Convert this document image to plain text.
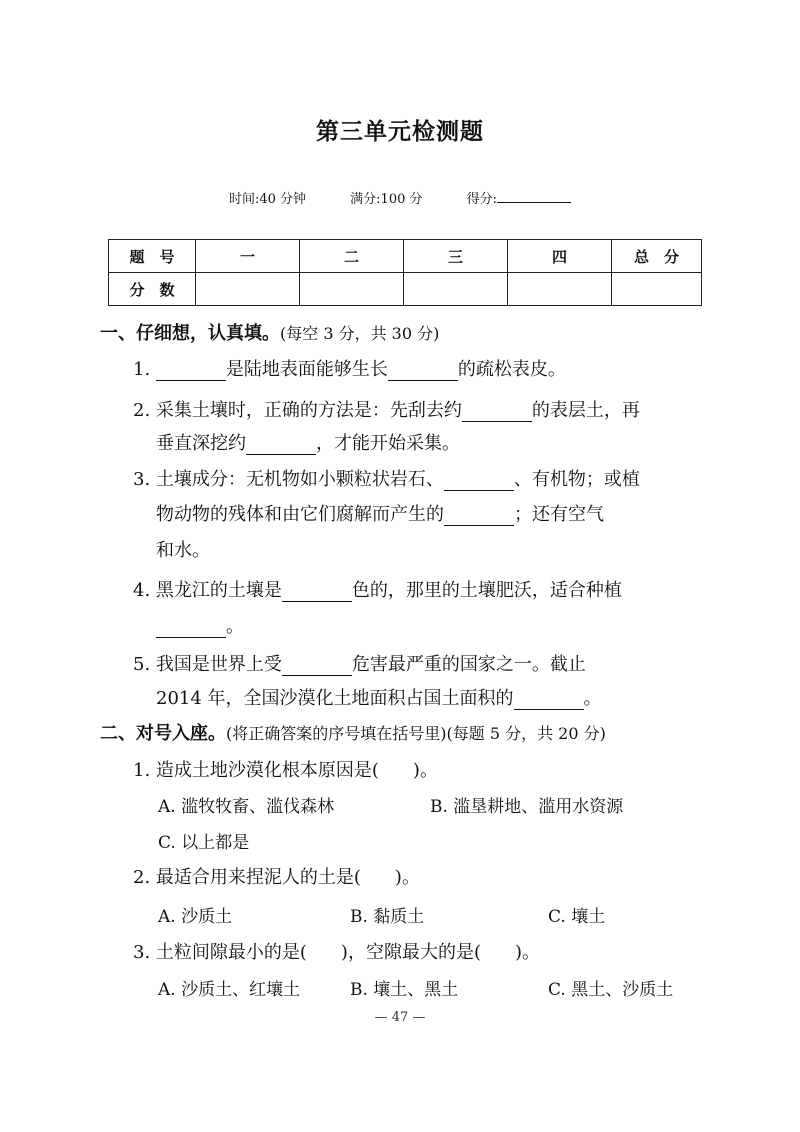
第三单元检测题
时间:40 分钟	满分:100 分	得分:
题　号	一	二	三	四	总　分
分　数					
一、仔细想，认真填。(每空 3 分，共 30 分)
1.	是陆地表面能够生长	的疏松表皮。
2. 采集土壤时，正确的方法是：先刮去约	的表层土，再
垂直深挖约	，才能开始采集。
3. 土壤成分：无机物如小颗粒状岩石、	、有机物；或植
物动物的残体和由它们腐解而产生的	；还有空气
和水。
4. 黑龙江的土壤是	色的，那里的土壤肥沃，适合种植
。
5. 我国是世界上受	危害最严重的国家之一。截止
2014 年，全国沙漠化土地面积占国土面积的	。
二、对号入座。(将正确答案的序号填在括号里)(每题 5 分，共 20 分)
1. 造成土地沙漠化根本原因是( )。
A. 滥牧牧畜、滥伐森林	B. 滥垦耕地、滥用水资源
C. 以上都是
2. 最适合用来捏泥人的土是( )。
A. 沙质土	B. 黏质土	C. 壤土
3. 土粒间隙最小的是( )，空隙最大的是( )。
A. 沙质土、红壤土	B. 壤土、黑土	C. 黑土、沙质土
— 47 —
